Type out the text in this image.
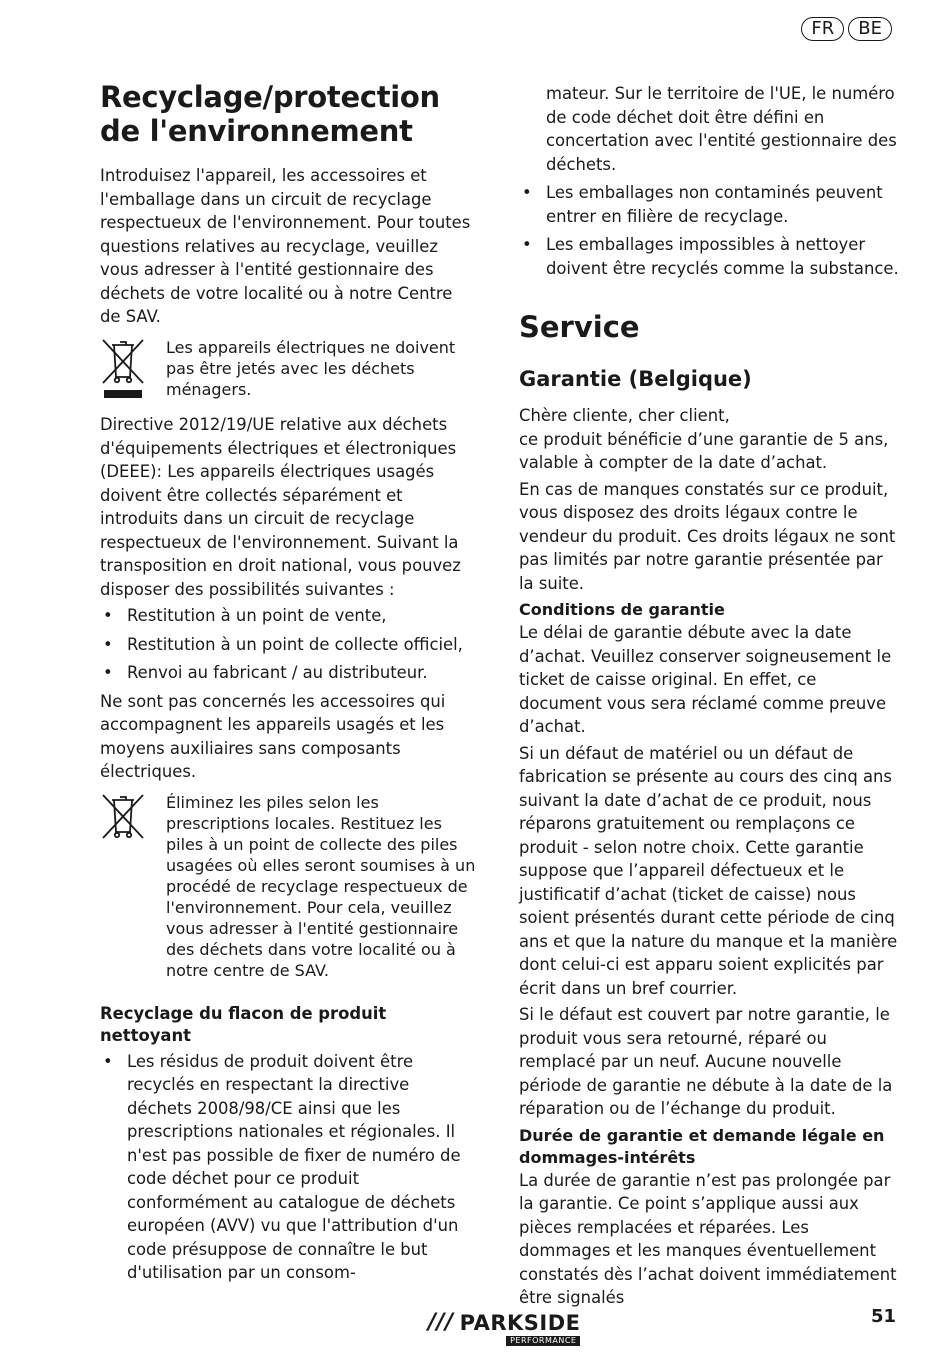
FR	BE
Recyclage/protection
de l'environnement

Introduisez l'appareil, les accessoires et l'emballage dans un circuit de recyclage respectueux de l'environnement. Pour toutes questions relatives au recyclage, veuillez vous adresser à l'entité gestionnaire des déchets de votre localité ou à notre Centre de SAV.

Les appareils électriques ne doivent pas être jetés avec les déchets ménagers.

Directive 2012/19/UE relative aux déchets d'équipements électriques et électroniques (DEEE): Les appareils électriques usagés doivent être collectés séparément et introduits dans un circuit de recyclage respectueux de l'environnement. Suivant la transposition en droit national, vous pouvez disposer des possibilités suivantes :

• Restitution à un point de vente,
• Restitution à un point de collecte officiel,
• Renvoi au fabricant / au distributeur.

Ne sont pas concernés les accessoires qui accompagnent les appareils usagés et les moyens auxiliaires sans composants électriques.

Éliminez les piles selon les prescriptions locales. Restituez les piles à un point de collecte des piles usagées où elles seront soumises à un procédé de recyclage respectueux de l'environnement. Pour cela, veuillez vous adresser à l'entité gestionnaire des déchets dans votre localité ou à notre centre de SAV.

Recyclage du flacon de produit nettoyant
• Les résidus de produit doivent être recyclés en respectant la directive déchets 2008/98/CE ainsi que les prescriptions nationales et régionales. Il n'est pas possible de fixer de numéro de code déchet pour ce produit conformément au catalogue de déchets européen (AVV) vu que l'attribution d'un code présuppose de connaître le but d'utilisation par un consom-
mateur. Sur le territoire de l'UE, le numéro de code déchet doit être défini en concertation avec l'entité gestionnaire des déchets.
• Les emballages non contaminés peuvent entrer en filière de recyclage.
• Les emballages impossibles à nettoyer doivent être recyclés comme la substance.
Service
Garantie (Belgique)

Chère cliente, cher client,

ce produit bénéficie d’une garantie de 5 ans, valable à compter de la date d’achat.

En cas de manques constatés sur ce produit, vous disposez des droits légaux contre le vendeur du produit. Ces droits légaux ne sont pas limités par notre garantie présentée par la suite.

Conditions de garantie

Le délai de garantie débute avec la date d’achat. Veuillez conserver soigneusement le ticket de caisse original. En effet, ce document vous sera réclamé comme preuve d’achat.

Si un défaut de matériel ou un défaut de fabrication se présente au cours des cinq ans suivant la date d’achat de ce produit, nous réparons gratuitement ou remplaçons ce produit - selon notre choix. Cette garantie suppose que l’appareil défectueux et le justificatif d’achat (ticket de caisse) nous soient présentés durant cette période de cinq ans et que la nature du manque et la manière dont celui-ci est apparu soient explicités par écrit dans un bref courrier.

Si le défaut est couvert par notre garantie, le produit vous sera retourné, réparé ou remplacé par un neuf. Aucune nouvelle période de garantie ne débute à la date de la réparation ou de l’échange du produit.

Durée de garantie et demande légale en dommages-intérêts

La durée de garantie n’est pas prolongée par la garantie. Ce point s’applique aussi aux pièces remplacées et réparées. Les dommages et les manques éventuellement constatés dès l’achat doivent immédiatement être signalés

/// PARKSIDE
PERFORMANCE
51
